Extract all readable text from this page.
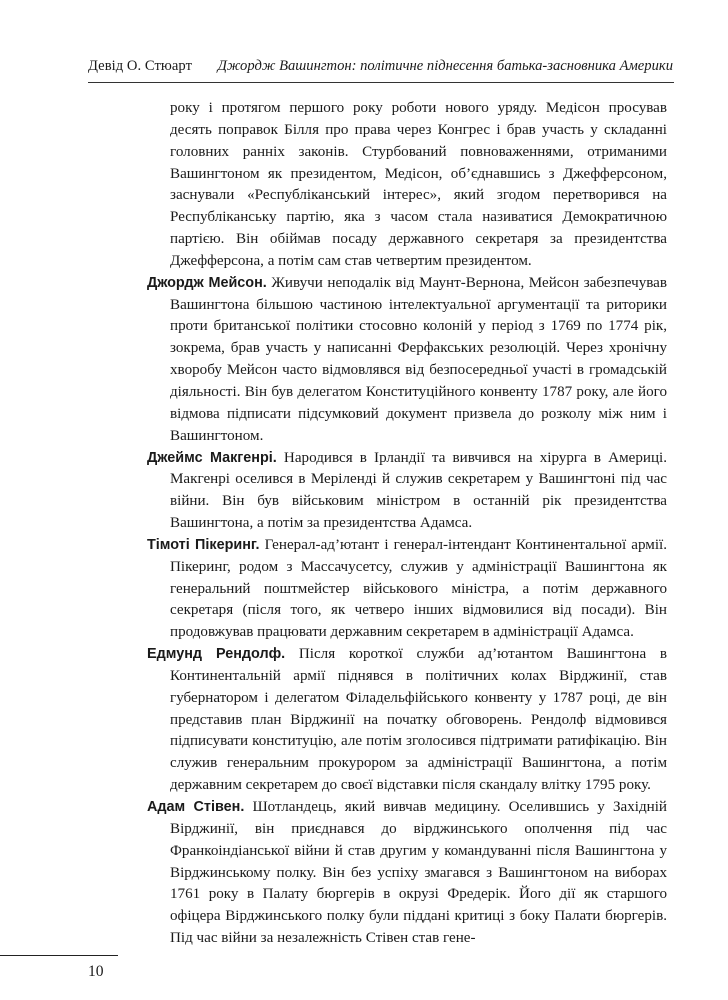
Девід О. Стюарт Джордж Вашингтон: політичне піднесення батька-засновника Америки

року і протягом першого року роботи нового уряду. Медісон просував десять поправок Білля про права через Конгрес і брав участь у складанні головних ранніх законів. Стурбований повноваженнями, отриманими Вашингтоном як президентом, Медісон, об’єднавшись з Джефферсоном, заснували «Республіканський інтерес», який згодом перетворився на Республіканську партію, яка з часом стала називатися Демократичною партією. Він обіймав посаду державного секретаря за президентства Джефферсона, а потім сам став четвертим президентом.

Джордж Мейсон. Живучи неподалік від Маунт-Вернона, Мейсон забезпечував Вашингтона більшою частиною інтелектуальної аргументації та риторики проти британської політики стосовно колоній у період з 1769 по 1774 рік, зокрема, брав участь у написанні Ферфакських резолюцій. Через хронічну хворобу Мейсон часто відмовлявся від безпосередньої участі в громадській діяльності. Він був делегатом Конституційного конвенту 1787 року, але його відмова підписати підсумковий документ призвела до розколу між ним і Вашингтоном.

Джеймс Макгенрі. Народився в Ірландії та вивчився на хірурга в Америці. Макгенрі оселився в Меріленді й служив секретарем у Вашингтоні під час війни. Він був військовим міністром в останній рік президентства Вашингтона, а потім за президентства Адамса.

Тімоті Пікеринг. Генерал-ад’ютант і генерал-інтендант Континентальної армії. Пікеринг, родом з Массачусетсу, служив у адміністрації Вашингтона як генеральний поштмейстер військового міністра, а потім державного секретаря (після того, як четверо інших відмовилися від посади). Він продовжував працювати державним секретарем в адміністрації Адамса.

Едмунд Рендолф. Після короткої служби ад’ютантом Вашингтона в Континентальній армії піднявся в політичних колах Вірджинії, став губернатором і делегатом Філадельфійського конвенту у 1787 році, де він представив план Вірджинії на початку обговорень. Рендолф відмовився підписувати конституцію, але потім зголосився підтримати ратифікацію. Він служив генеральним прокурором за адміністрації Вашингтона, а потім державним секретарем до своєї відставки після скандалу влітку 1795 року.

Адам Стівен. Шотландець, який вивчав медицину. Оселившись у Західній Вірджинії, він приєднався до вірджинського ополчення під час Франкоіндіанської війни й став другим у командуванні після Вашингтона у Вірджинському полку. Він без успіху змагався з Вашингтоном на виборах 1761 року в Палату бюргерів в окрузі Фредерік. Його дії як старшого офіцера Вірджинського полку були піддані критиці з боку Палати бюргерів. Під час війни за незалежність Стівен став гене-

10
